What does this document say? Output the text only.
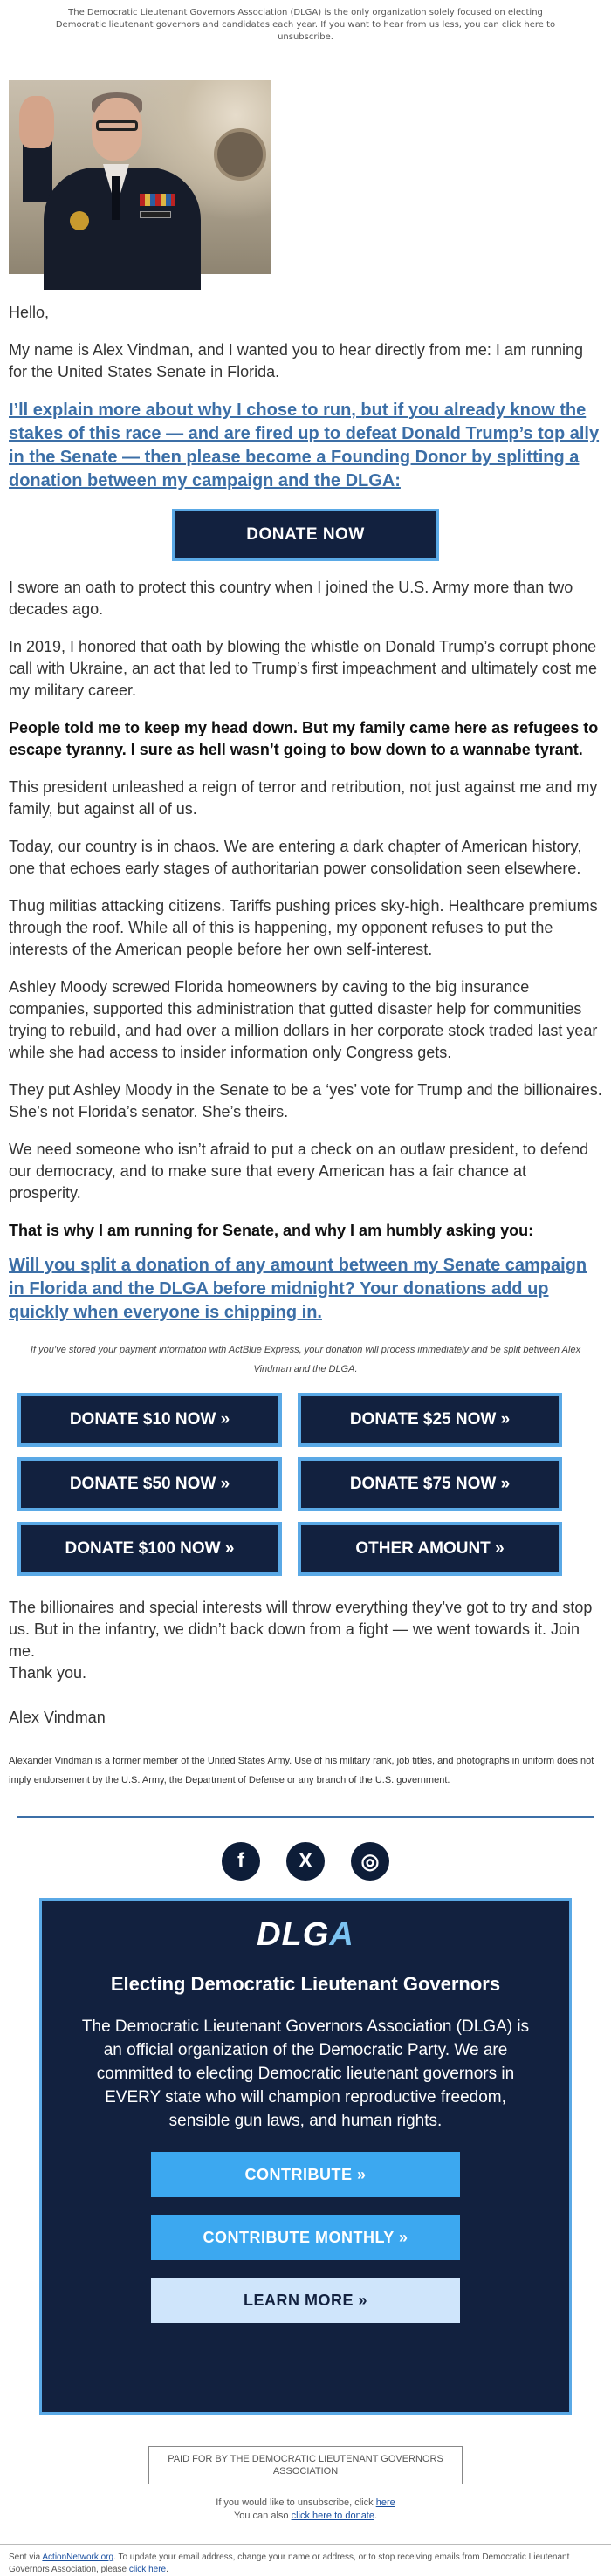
The Democratic Lieutenant Governors Association (DLGA) is the only organization solely focused on electing Democratic lieutenant governors and candidates each year. If you want to hear from us less, you can click here to unsubscribe.

Hello,

My name is Alex Vindman, and I wanted you to hear directly from me: I am running for the United States Senate in Florida.

I’ll explain more about why I chose to run, but if you already know the stakes of this race — and are fired up to defeat Donald Trump’s top ally in the Senate — then please become a Founding Donor by splitting a donation between my campaign and the DLGA:
DONATE NOW

I swore an oath to protect this country when I joined the U.S. Army more than two decades ago.

In 2019, I honored that oath by blowing the whistle on Donald Trump’s corrupt phone call with Ukraine, an act that led to Trump’s first impeachment and ultimately cost me my military career.

People told me to keep my head down. But my family came here as refugees to escape tyranny. I sure as hell wasn’t going to bow down to a wannabe tyrant.

This president unleashed a reign of terror and retribution, not just against me and my family, but against all of us.

Today, our country is in chaos. We are entering a dark chapter of American history, one that echoes early stages of authoritarian power consolidation seen elsewhere.

Thug militias attacking citizens. Tariffs pushing prices sky-high. Healthcare premiums through the roof. While all of this is happening, my opponent refuses to put the interests of the American people before her own self-interest.

Ashley Moody screwed Florida homeowners by caving to the big insurance companies, supported this administration that gutted disaster help for communities trying to rebuild, and had over a million dollars in her corporate stock traded last year while she had access to insider information only Congress gets.

They put Ashley Moody in the Senate to be a ‘yes’ vote for Trump and the billionaires. She’s not Florida’s senator. She’s theirs.

We need someone who isn’t afraid to put a check on an outlaw president, to defend our democracy, and to make sure that every American has a fair chance at prosperity.

That is why I am running for Senate, and why I am humbly asking you:

Will you split a donation of any amount between my Senate campaign in Florida and the DLGA before midnight? Your donations add up quickly when everyone is chipping in.

If you’ve stored your payment information with ActBlue Express, your donation will process immediately and be split between Alex Vindman and the DLGA.

DONATE $10 NOW »	DONATE $25 NOW »
DONATE $50 NOW »	DONATE $75 NOW »
DONATE $100 NOW »	OTHER AMOUNT »

The billionaires and special interests will throw everything they’ve got to try and stop us. But in the infantry, we didn’t back down from a fight — we went towards it. Join me.

Thank you.

Alex Vindman

Alexander Vindman is a former member of the United States Army. Use of his military rank, job titles, and photographs in uniform does not imply endorsement by the U.S. Army, the Department of Defense or any branch of the U.S. government.

f	X	◎
DLGA
Electing Democratic Lieutenant Governors
The Democratic Lieutenant Governors Association (DLGA) is an official organization of the Democratic Party. We are committed to electing Democratic lieutenant governors in EVERY state who will champion reproductive freedom, sensible gun laws, and human rights.
CONTRIBUTE »
CONTRIBUTE MONTHLY »
LEARN MORE »
PAID FOR BY THE DEMOCRATIC LIEUTENANT GOVERNORS ASSOCIATION
If you would like to unsubscribe, click here
You can also click here to donate.
Sent via ActionNetwork.org. To update your email address, change your name or address, or to stop receiving emails from Democratic Lieutenant Governors Association, please click here.
